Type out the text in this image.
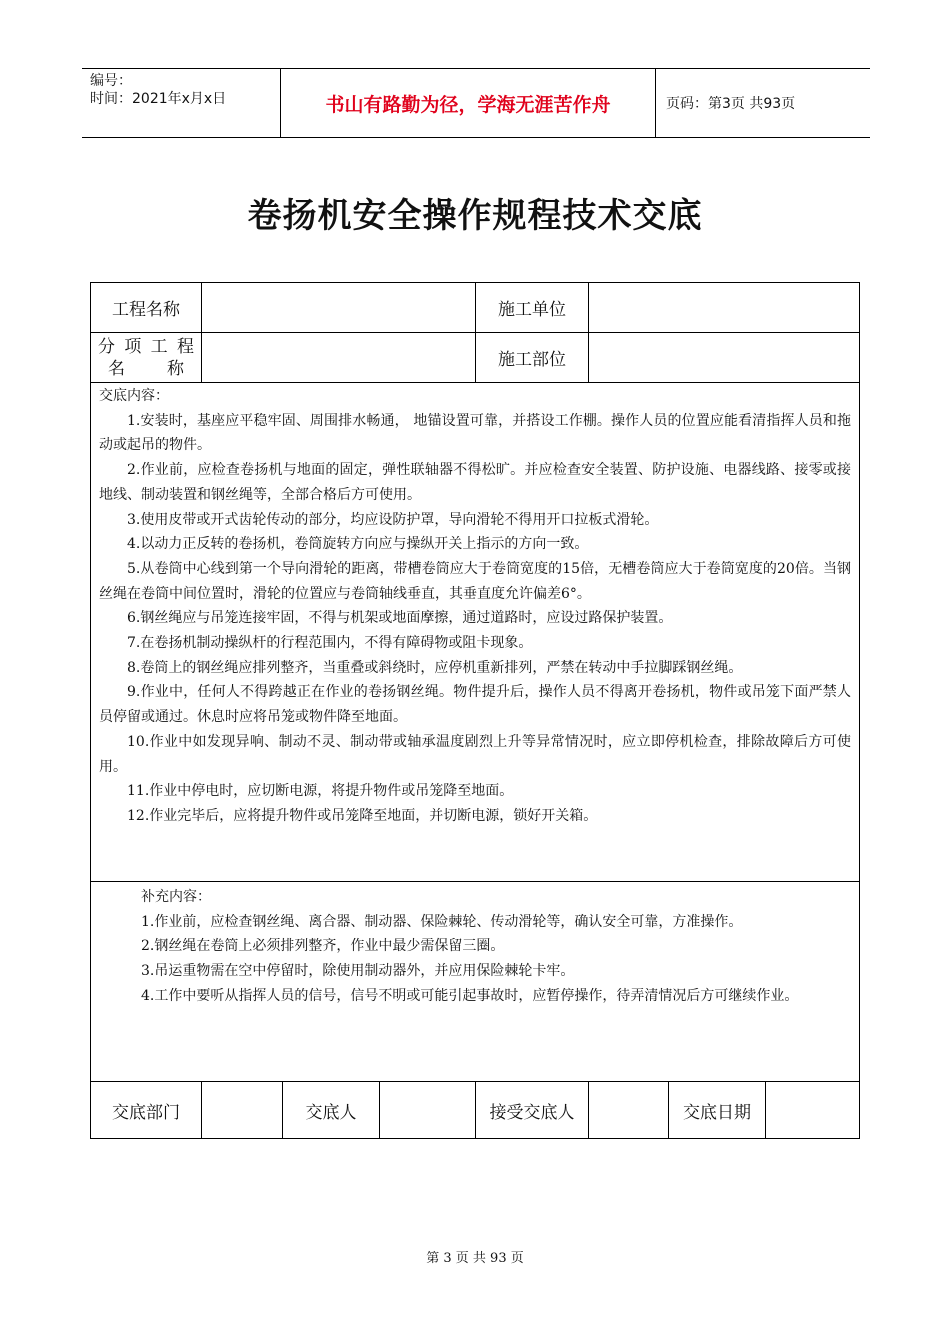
编号：
时间：2021年x月x日	书山有路勤为径，学海无涯苦作舟	页码：第3页 共93页
卷扬机安全操作规程技术交底
工程名称	施工单位
分项工程
名称	施工部位

交底内容：

1.安装时，基座应平稳牢固、周围排水畅通， 地锚设置可靠，并搭设工作棚。操作人员的位置应能看清指挥人员和拖动或起吊的物件。

2.作业前，应检查卷扬机与地面的固定，弹性联轴器不得松旷。并应检查安全装置、防护设施、电器线路、接零或接地线、制动装置和钢丝绳等，全部合格后方可使用。

3.使用皮带或开式齿轮传动的部分，均应设防护罩，导向滑轮不得用开口拉板式滑轮。

4.以动力正反转的卷扬机，卷筒旋转方向应与操纵开关上指示的方向一致。

5.从卷筒中心线到第一个导向滑轮的距离，带槽卷筒应大于卷筒宽度的15倍，无槽卷筒应大于卷筒宽度的20倍。当钢丝绳在卷筒中间位置时，滑轮的位置应与卷筒轴线垂直，其垂直度允许偏差6°。

6.钢丝绳应与吊笼连接牢固，不得与机架或地面摩擦，通过道路时，应设过路保护装置。

7.在卷扬机制动操纵杆的行程范围内，不得有障碍物或阻卡现象。

8.卷筒上的钢丝绳应排列整齐，当重叠或斜绕时，应停机重新排列，严禁在转动中手拉脚踩钢丝绳。

9.作业中，任何人不得跨越正在作业的卷扬钢丝绳。物件提升后，操作人员不得离开卷扬机，物件或吊笼下面严禁人员停留或通过。休息时应将吊笼或物件降至地面。

10.作业中如发现异响、制动不灵、制动带或轴承温度剧烈上升等异常情况时，应立即停机检查，排除故障后方可使用。

11.作业中停电时，应切断电源，将提升物件或吊笼降至地面。

12.作业完毕后，应将提升物件或吊笼降至地面，并切断电源，锁好开关箱。

补充内容：

1.作业前，应检查钢丝绳、离合器、制动器、保险棘轮、传动滑轮等，确认安全可靠，方准操作。

2.钢丝绳在卷筒上必须排列整齐，作业中最少需保留三圈。

3.吊运重物需在空中停留时，除使用制动器外，并应用保险棘轮卡牢。

4.工作中要听从指挥人员的信号，信号不明或可能引起事故时，应暂停操作，待弄清情况后方可继续作业。

交底部门	交底人	接受交底人	交底日期
第 3 页 共 93 页
